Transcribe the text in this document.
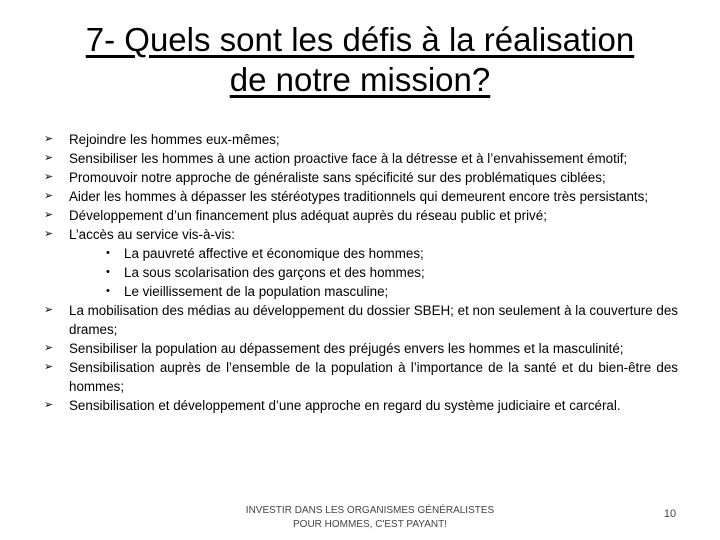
7- Quels sont les défis à la réalisation
de notre mission?
➢	Rejoindre les hommes eux-mêmes;
➢	Sensibiliser les hommes à une action proactive face à la détresse et à l’envahissement émotif;
➢	Promouvoir notre approche de généraliste sans spécificité sur des problématiques ciblées;
➢	Aider les hommes à dépasser les stéréotypes traditionnels qui demeurent encore très persistants;
➢	Développement d’un financement plus adéquat auprès du réseau public et privé;
➢	L’accès au service vis-à-vis:
• La pauvreté affective et économique des hommes;
• La sous scolarisation des garçons et des hommes;
• Le vieillissement de la population masculine;
➢	La mobilisation des médias au développement du dossier SBEH; et non seulement à la couverture des drames;
➢	Sensibiliser la population au dépassement des préjugés envers les hommes et la masculinité;
➢	Sensibilisation auprès de l’ensemble de la population à l’importance de la santé et du bien-être des hommes;
➢	Sensibilisation et développement d’une approche en regard du système judiciaire et carcéral.
INVESTIR DANS LES ORGANISMES GÉNÉRALISTES
POUR HOMMES, C'EST PAYANT!
10
